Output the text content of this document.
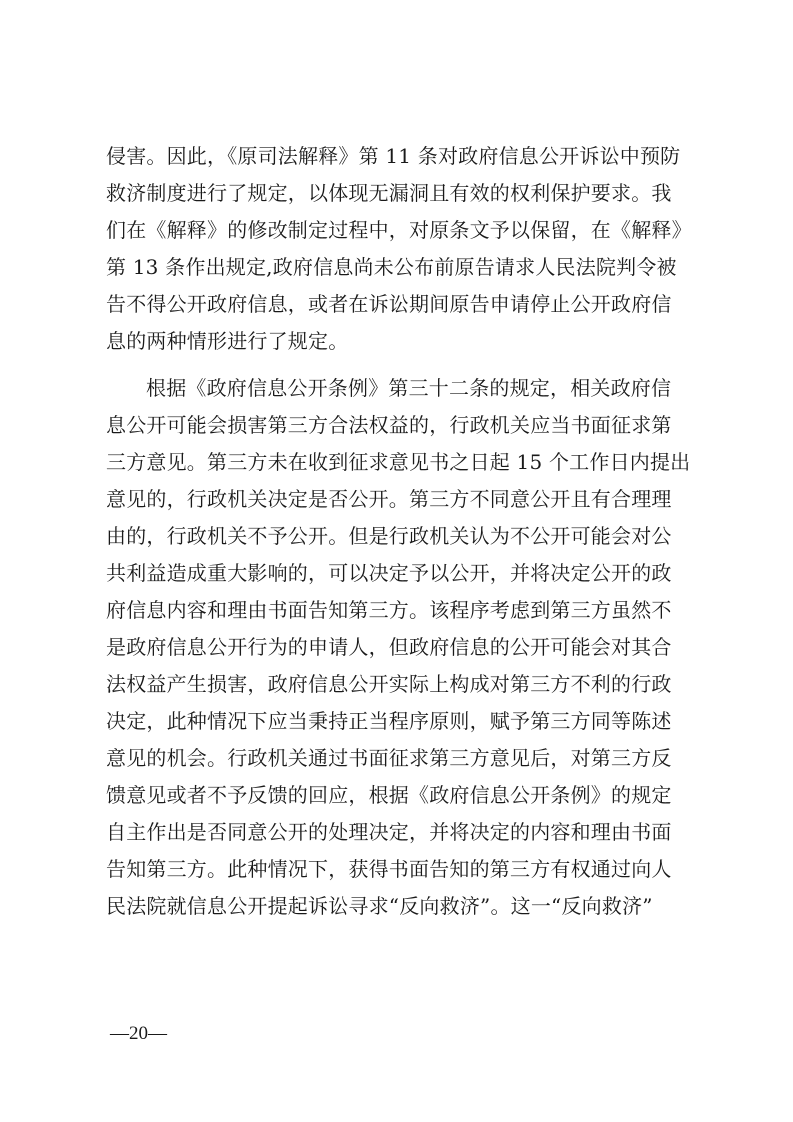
侵害。因此，《原司法解释》第 11 条对政府信息公开诉讼中预防
救济制度进行了规定，以体现无漏洞且有效的权利保护要求。我
们在《解释》的修改制定过程中，对原条文予以保留，在《解释》
第 13 条作出规定,政府信息尚未公布前原告请求人民法院判令被
告不得公开政府信息，或者在诉讼期间原告申请停止公开政府信
息的两种情形进行了规定。
根据《政府信息公开条例》第三十二条的规定，相关政府信
息公开可能会损害第三方合法权益的，行政机关应当书面征求第
三方意见。第三方未在收到征求意见书之日起 15 个工作日内提出
意见的，行政机关决定是否公开。第三方不同意公开且有合理理
由的，行政机关不予公开。但是行政机关认为不公开可能会对公
共利益造成重大影响的，可以决定予以公开，并将决定公开的政
府信息内容和理由书面告知第三方。该程序考虑到第三方虽然不
是政府信息公开行为的申请人，但政府信息的公开可能会对其合
法权益产生损害，政府信息公开实际上构成对第三方不利的行政
决定，此种情况下应当秉持正当程序原则，赋予第三方同等陈述
意见的机会。行政机关通过书面征求第三方意见后，对第三方反
馈意见或者不予反馈的回应，根据《政府信息公开条例》的规定
自主作出是否同意公开的处理决定，并将决定的内容和理由书面
告知第三方。此种情况下，获得书面告知的第三方有权通过向人
民法院就信息公开提起诉讼寻求“反向救济”。这一“反向救济”
—20—
